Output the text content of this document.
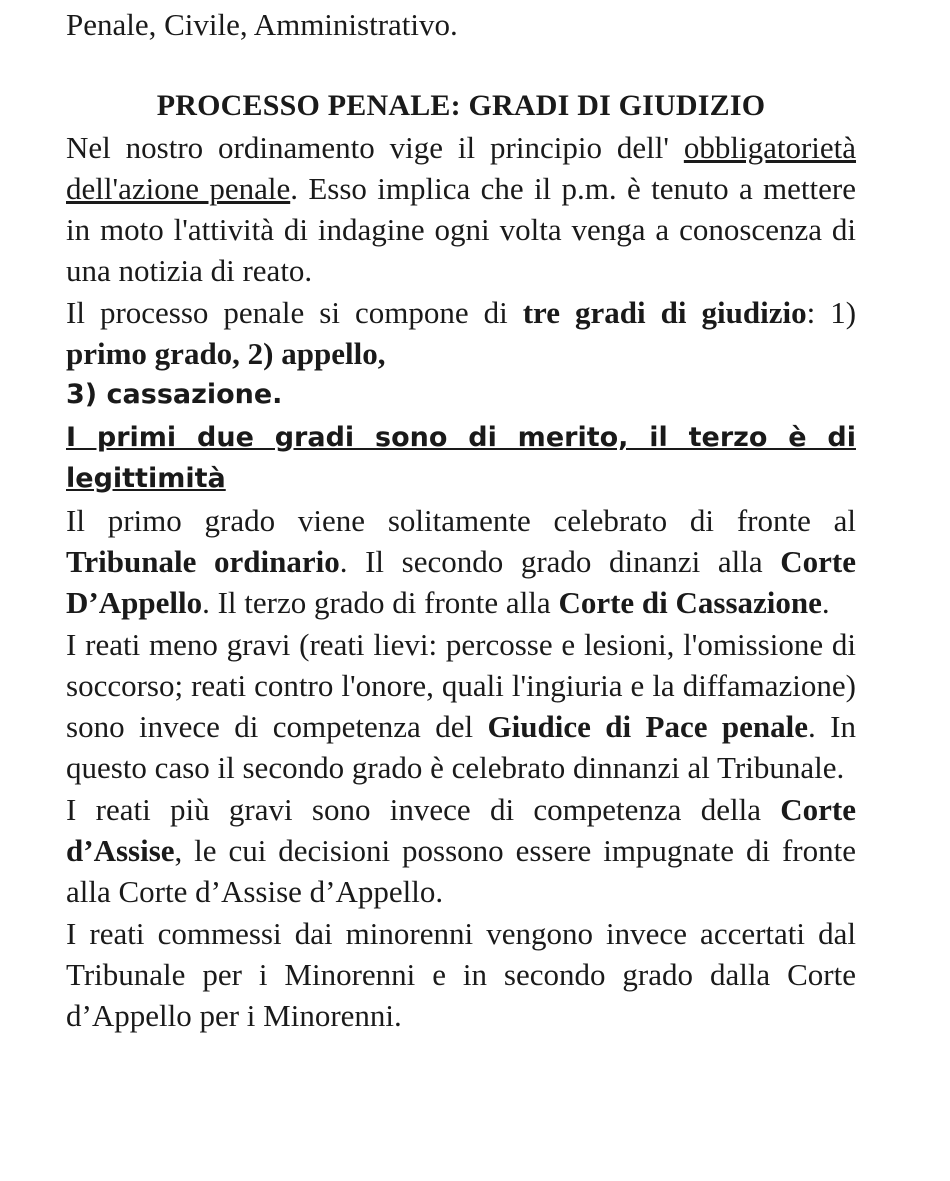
Penale, Civile, Amministrativo.
PROCESSO PENALE: GRADI DI GIUDIZIO

Nel nostro ordinamento vige il principio dell' obbligatorietà dell'azione penale. Esso implica che il p.m. è tenuto a mettere in moto l'attività di indagine ogni volta venga a conoscenza di una notizia di reato.

Il processo penale si compone di tre gradi di giudizio: 1) primo grado, 2) appello,

3) cassazione.

I primi due gradi sono di merito, il terzo è di
legittimità

Il primo grado viene solitamente celebrato di fronte al Tribunale ordinario. Il secondo grado dinanzi alla Corte D’Appello. Il terzo grado di fronte alla Corte di Cassazione.

I reati meno gravi (reati lievi: percosse e lesioni, l'omissione di soccorso; reati contro l'onore, quali l'ingiuria e la diffamazione) sono invece di competenza del Giudice di Pace penale. In questo caso il secondo grado è celebrato dinnanzi al Tribunale.

I reati più gravi sono invece di competenza della Corte d’Assise, le cui decisioni possono essere impugnate di fronte alla Corte d’Assise d’Appello.

I reati commessi dai minorenni vengono invece accertati dal Tribunale per i Minorenni e in secondo grado dalla Corte d’Appello per i Minorenni.
